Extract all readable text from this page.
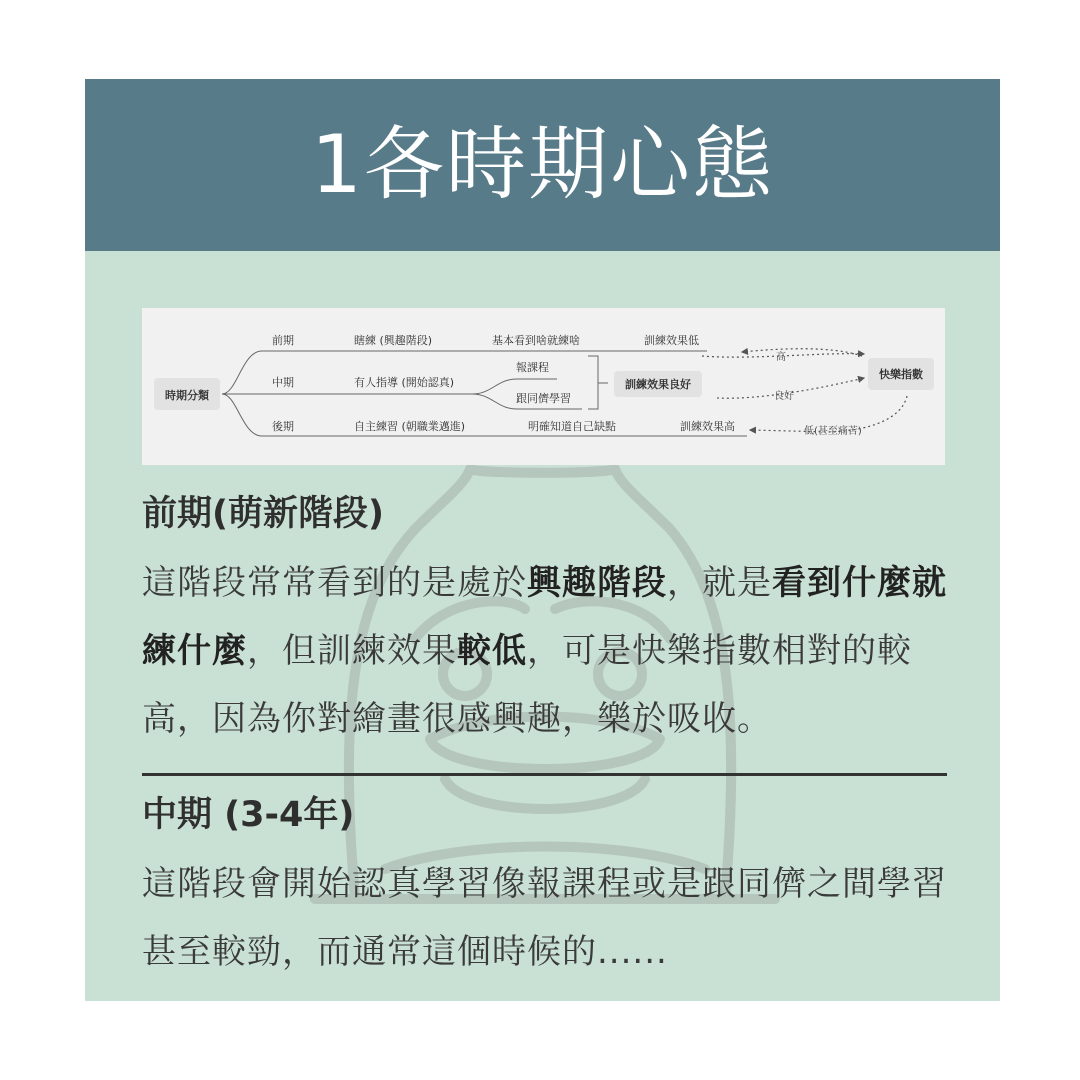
1各時期心態
時期分類
前期
中期
後期
瞎練 (興趣階段)	基本看到啥就練啥	訓練效果低
有人指導 (開始認真)
報課程
跟同儕學習
訓練效果良好
自主練習 (朝職業邁進)	明確知道自己缺點	訓練效果高
快樂指數
高
良好
低(甚至痛苦)
前期(萌新階段)

這階段常常看到的是處於興趣階段，就是看到什麼就練什麼，但訓練效果較低，可是快樂指數相對的較高，因為你對繪畫很感興趣，樂於吸收。

中期 (3-4年)

這階段會開始認真學習像報課程或是跟同儕之間學習甚至較勁，而通常這個時候的......
